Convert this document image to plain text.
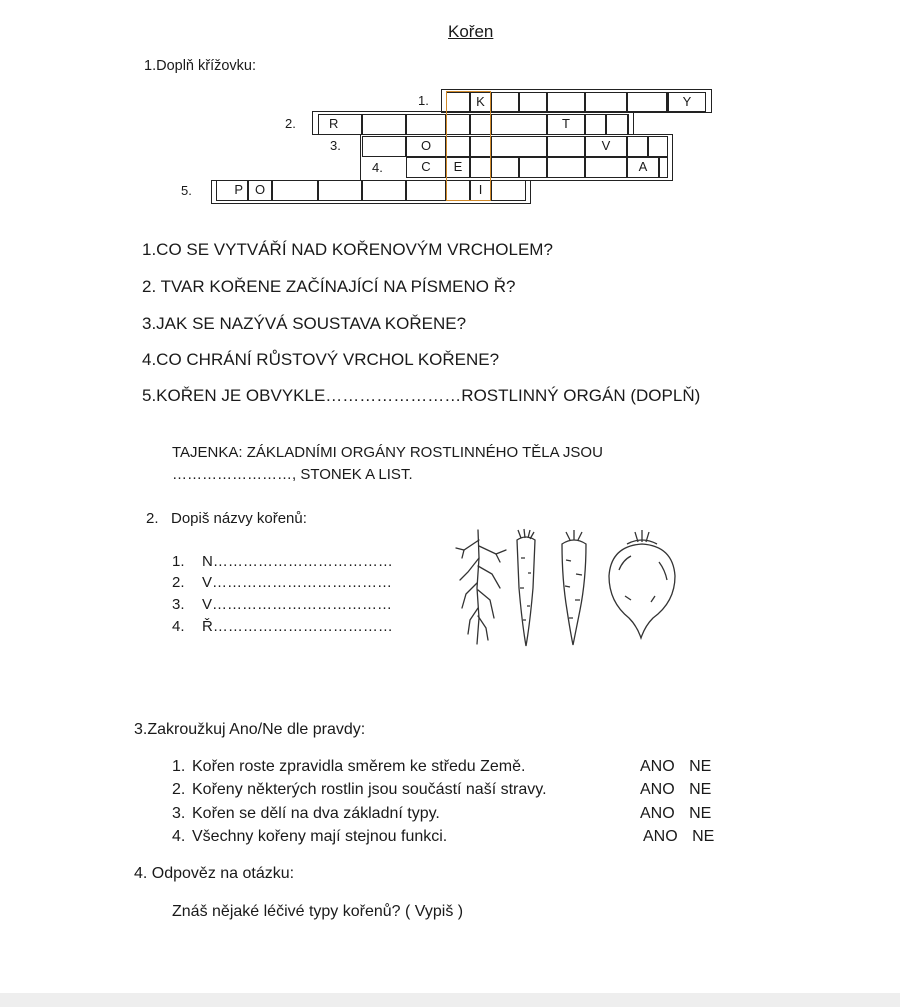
Kořen
1.Doplň křížovku:
1.
2.
3.
4.
5.
K	Y
R	T
O	V
C	E	A
P O	I
1.CO SE VYTVÁŘÍ NAD KOŘENOVÝM VRCHOLEM?
2. TVAR KOŘENE ZAČÍNAJÍCÍ NA PÍSMENO Ř?
3.JAK SE NAZÝVÁ SOUSTAVA KOŘENE?
4.CO CHRÁNÍ RŮSTOVÝ VRCHOL KOŘENE?
5.KOŘEN JE OBVYKLE……………………ROSTLINNÝ ORGÁN (DOPLŇ)
TAJENKA: ZÁKLADNÍMI ORGÁNY ROSTLINNÉHO TĚLA JSOU
……………………, STONEK A LIST.
2. Dopiš názvy kořenů:
1. N………………………………
2. V………………………………
3. V………………………………
4. Ř………………………………
3.Zakroužkuj Ano/Ne dle pravdy:
1. Kořen roste zpravidla směrem ke středu Země.	ANO NE
2. Kořeny některých rostlin jsou součástí naší stravy.	ANO NE
3. Kořen se dělí na dva základní typy.	ANO NE
4. Všechny kořeny mají stejnou funkci.	ANO NE
4. Odpověz na otázku:
Znáš nějaké léčivé typy kořenů? ( Vypiš )
